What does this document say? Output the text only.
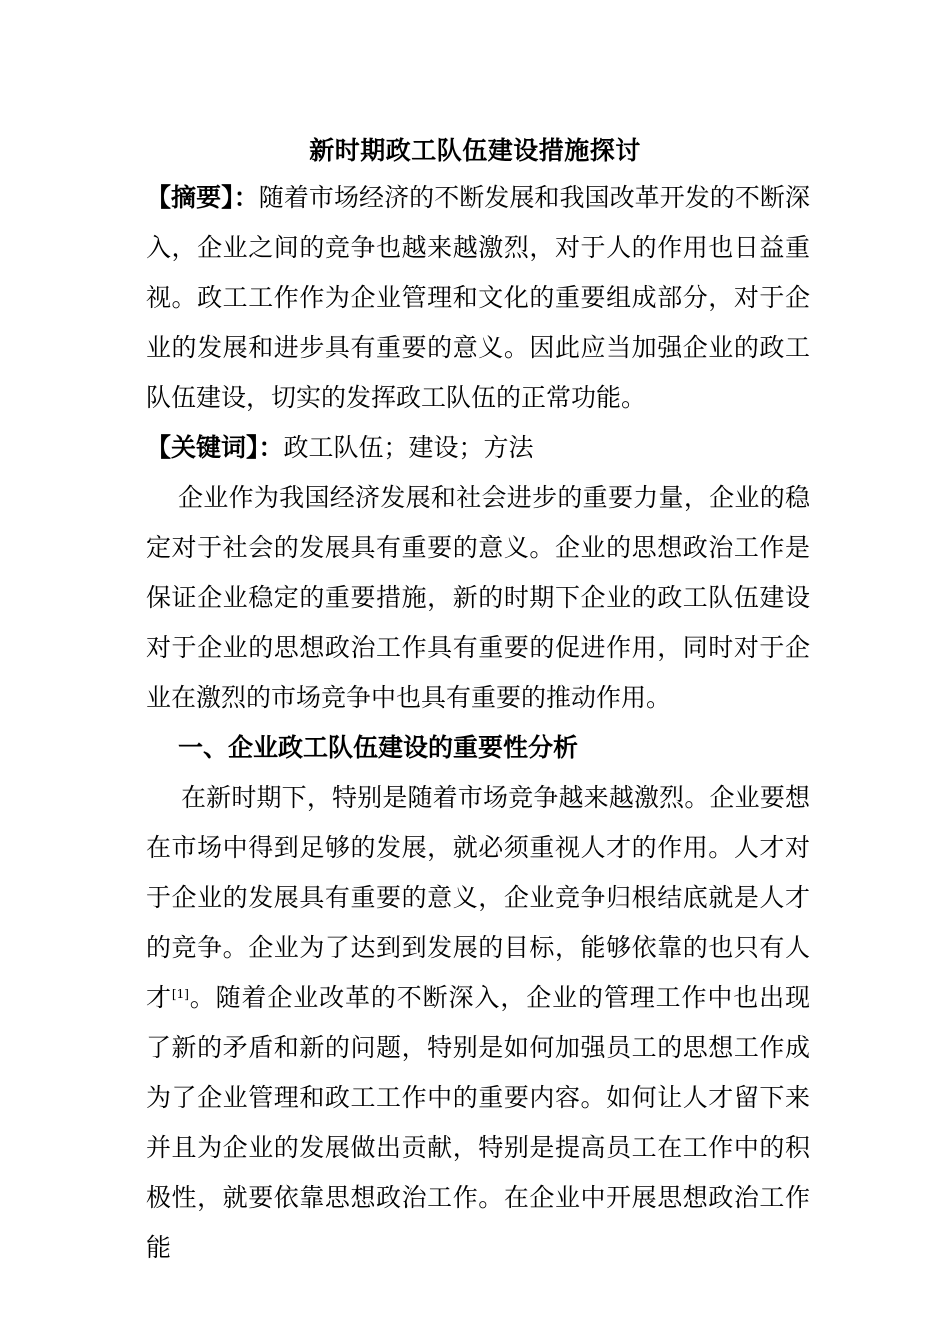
新时期政工队伍建设措施探讨
【摘要】：随着市场经济的不断发展和我国改革开发的不断深入，企业之间的竞争也越来越激烈，对于人的作用也日益重视。政工工作作为企业管理和文化的重要组成部分，对于企业的发展和进步具有重要的意义。因此应当加强企业的政工队伍建设，切实的发挥政工队伍的正常功能。
【关键词】：政工队伍；建设；方法
企业作为我国经济发展和社会进步的重要力量，企业的稳定对于社会的发展具有重要的意义。企业的思想政治工作是保证企业稳定的重要措施，新的时期下企业的政工队伍建设对于企业的思想政治工作具有重要的促进作用，同时对于企业在激烈的市场竞争中也具有重要的推动作用。
一、企业政工队伍建设的重要性分析
在新时期下，特别是随着市场竞争越来越激烈。企业要想在市场中得到足够的发展，就必须重视人才的作用。人才对于企业的发展具有重要的意义，企业竞争归根结底就是人才的竞争。企业为了达到到发展的目标，能够依靠的也只有人才[1]。随着企业改革的不断深入，企业的管理工作中也出现了新的矛盾和新的问题，特别是如何加强员工的思想工作成为了企业管理和政工工作中的重要内容。如何让人才留下来并且为企业的发展做出贡献，特别是提高员工在工作中的积极性，就要依靠思想政治工作。在企业中开展思想政治工作能
